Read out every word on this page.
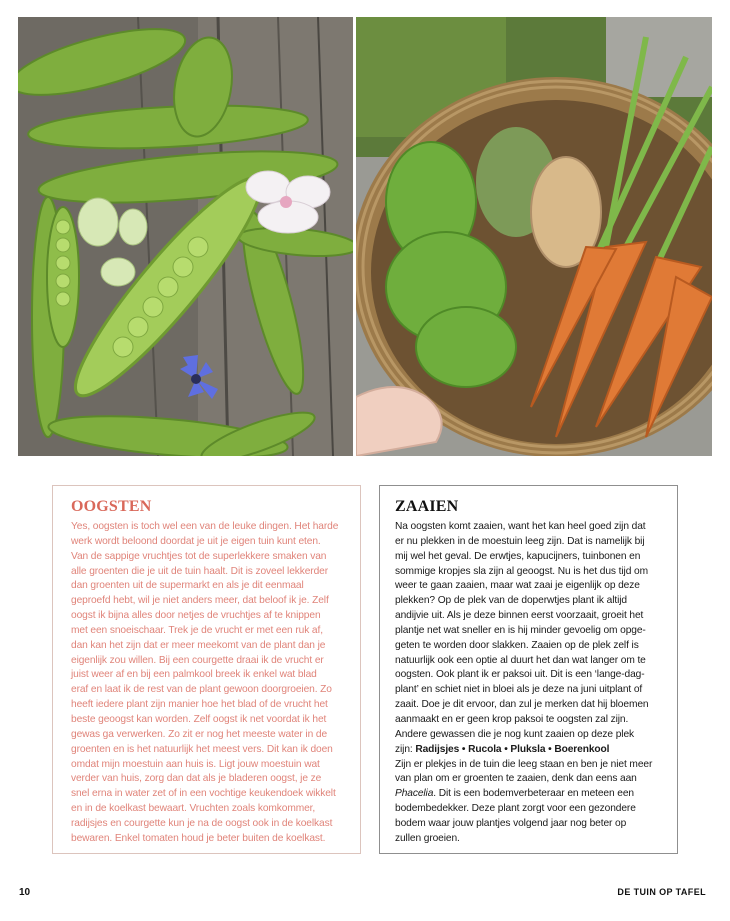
OOGSTEN

Yes, oogsten is toch wel een van de leuke dingen. Het harde
werk wordt beloond doordat je uit je eigen tuin kunt eten.
Van de sappige vruchtjes tot de superlekkere smaken van
alle groenten die je uit de tuin haalt. Dit is zoveel lekkerder
dan groenten uit de supermarkt en als je dit eenmaal
geproefd hebt, wil je niet anders meer, dat beloof ik je. Zelf
oogst ik bijna alles door netjes de vruchtjes af te knippen
met een snoeischaar. Trek je de vrucht er met een ruk af,
dan kan het zijn dat er meer meekomt van de plant dan je
eigenlijk zou willen. Bij een courgette draai ik de vrucht er
juist weer af en bij een palmkool breek ik enkel wat blad
eraf en laat ik de rest van de plant gewoon doorgroeien. Zo
heeft iedere plant zijn manier hoe het blad of de vrucht het
beste geoogst kan worden. Zelf oogst ik net voordat ik het
gewas ga verwerken. Zo zit er nog het meeste water in de
groenten en is het natuurlijk het meest vers. Dit kan ik doen
omdat mijn moestuin aan huis is. Ligt jouw moestuin wat
verder van huis, zorg dan dat als je bladeren oogst, je ze
snel erna in water zet of in een vochtige keukendoek wikkelt
en in de koelkast bewaart. Vruchten zoals komkommer,
radijsjes en courgette kun je na de oogst ook in de koelkast
bewaren. Enkel tomaten houd je beter buiten de koelkast.

ZAAIEN

Na oogsten komt zaaien, want het kan heel goed zijn dat
er nu plekken in de moestuin leeg zijn. Dat is namelijk bij
mij wel het geval. De erwtjes, kapucijners, tuinbonen en
sommige kropjes sla zijn al geoogst. Nu is het dus tijd om
weer te gaan zaaien, maar wat zaai je eigenlijk op deze
plekken? Op de plek van de doperwtjes plant ik altijd
andijvie uit. Als je deze binnen eerst voorzaait, groeit het
plantje net wat sneller en is hij minder gevoelig om opge-
geten te worden door slakken. Zaaien op de plek zelf is
natuurlijk ook een optie al duurt het dan wat langer om te
oogsten. Ook plant ik er paksoi uit. Dit is een ‘lange-dag-
plant’ en schiet niet in bloei als je deze na juni uitplant of
zaait. Doe je dit ervoor, dan zul je merken dat hij bloemen
aanmaakt en er geen krop paksoi te oogsten zal zijn.
Andere gewassen die je nog kunt zaaien op deze plek
zijn: Radijsjes • Rucola • Pluksla • Boerenkool
Zijn er plekjes in de tuin die leeg staan en ben je niet meer
van plan om er groenten te zaaien, denk dan eens aan
Phacelia. Dit is een bodemverbeteraar en meteen een
bodembedekker. Deze plant zorgt voor een gezondere
bodem waar jouw plantjes volgend jaar nog beter op
zullen groeien.

10	DE TUIN OP TAFEL
